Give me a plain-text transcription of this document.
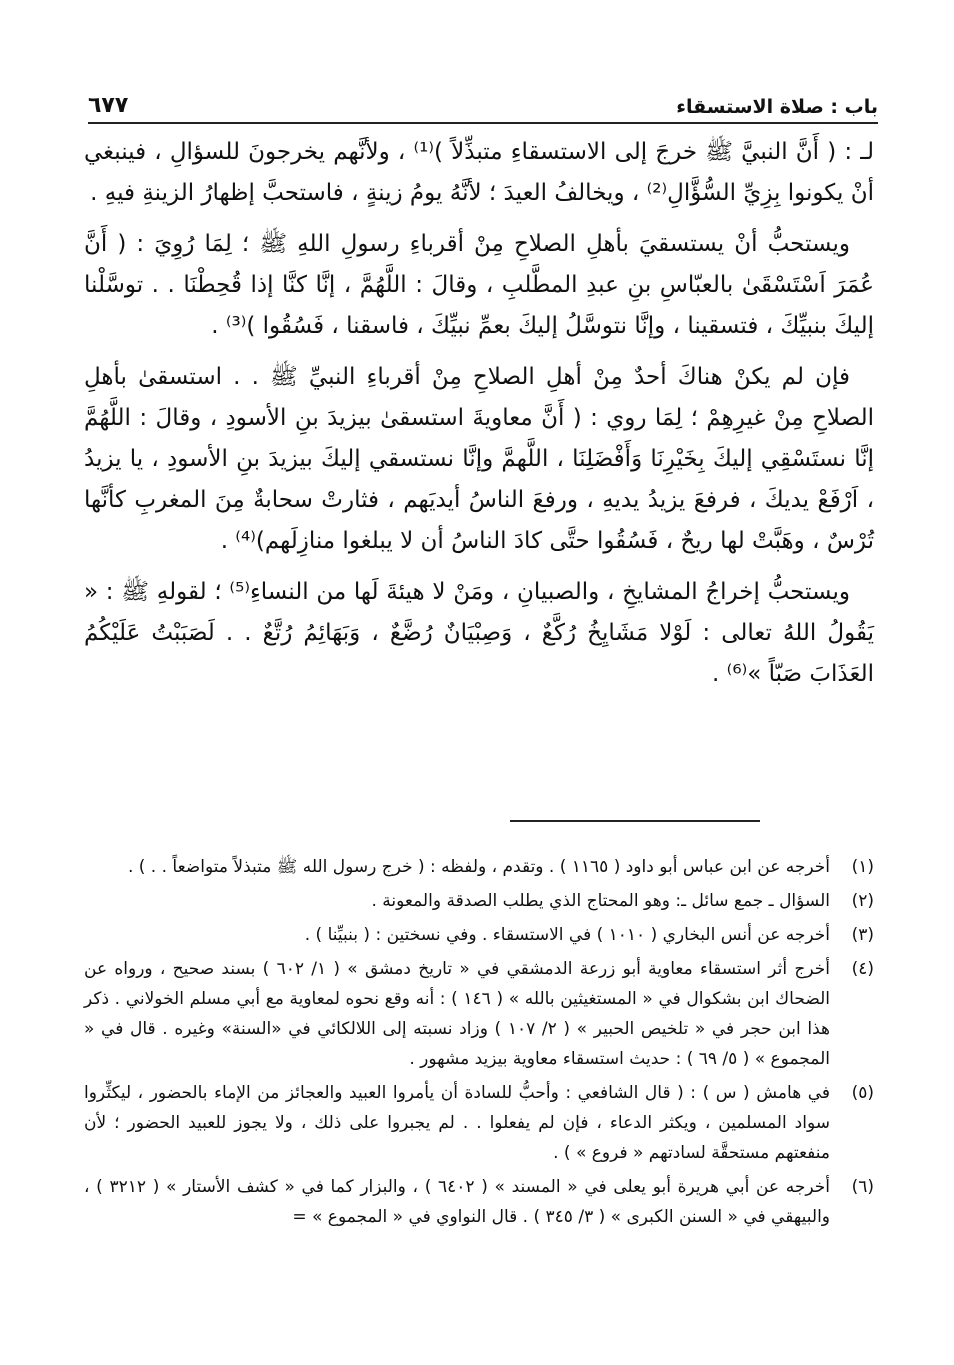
باب : صلاة الاستسقاء
٦٧٧

لـ : ( أَنَّ النبيَّ ﷺ خرجَ إلى الاستسقاءِ متبذِّلاً )⁽¹⁾ ، ولأنَّهم يخرجونَ للسؤالِ ، فينبغي أنْ يكونوا بِزِيِّ السُّؤَّالِ⁽²⁾ ، ويخالفُ العيدَ ؛ لأنَّهُ يومُ زينةٍ ، فاستحبَّ إظهارُ الزينةِ فيهِ .

ويستحبُّ أنْ يستسقيَ بأهلِ الصلاحِ مِنْ أقرباءِ رسولِ اللهِ ﷺ ؛ لِمَا رُوِيَ : ( أَنَّ عُمَرَ اَسْتَسْقَىٰ بالعبّاسِ بنِ عبدِ المطَّلبِ ، وقالَ : اللَّهُمَّ ، إنَّا كنَّا إذا قُحِطْنَا . . توسَّلْنا إليكَ بنبيِّكَ ، فتسقينا ، وإنَّا نتوسَّلُ إليكَ بعمِّ نبيِّكَ ، فاسقنا ، فَسُقُوا )⁽³⁾ .

فإن لم يكنْ هناكَ أحدٌ مِنْ أهلِ الصلاحِ مِنْ أقرباءِ النبيِّ ﷺ . . استسقىٰ بأهلِ الصلاحِ مِنْ غيرِهِمْ ؛ لِمَا روي : ( أَنَّ معاويةَ استسقىٰ بيزيدَ بنِ الأسودِ ، وقالَ : اللَّهُمَّ إنَّا نستَسْقِي إليكَ بِخَيْرِنَا وَأَفْضَلِنَا ، اللَّهمَّ وإنَّا نستسقي إليكَ بيزيدَ بنِ الأسودِ ، يا يزيدُ ، اَرْفَعْ يديكَ ، فرفعَ يزيدُ يديهِ ، ورفعَ الناسُ أيديَهم ، فثارتْ سحابةٌ مِنَ المغربِ كأنَّها تُرْسٌ ، وهَبَّتْ لها ريحٌ ، فَسُقُوا حتَّى كادَ الناسُ أن لا يبلغوا منازِلَهم)⁽⁴⁾ .

ويستحبُّ إخراجُ المشايخِ ، والصبيانِ ، ومَنْ لا هيئةَ لَها من النساءِ⁽⁵⁾ ؛ لقولهِ ﷺ : « يَقُولُ اللهُ تعالى : لَوْلا مَشَايِخُ رُكَّعٌ ، وَصِبْيَانٌ رُضَّعٌ ، وَبَهَائِمُ رُتَّعٌ . . لَصَبَبْتُ عَلَيْكُمُ العَذَابَ صَبّاً »⁽⁶⁾ .

(١)
أخرجه عن ابن عباس أبو داود ( ١١٦٥ ) . وتقدم ، ولفظه : ( خرج رسول الله ﷺ متبذلاً متواضعاً . . ) .
(٢)
السؤال ـ جمع سائل ـ: وهو المحتاج الذي يطلب الصدقة والمعونة .
(٣)
أخرجه عن أنس البخاري ( ١٠١٠ ) في الاستسقاء . وفي نسختين : ( بنبيِّنا ) .
(٤)
أخرج أثر استسقاء معاوية أبو زرعة الدمشقي في « تاريخ دمشق » ( ١/ ٦٠٢ ) بسند صحيح ، ورواه عن الضحاك ابن بشكوال في « المستغيثين بالله » ( ١٤٦ ) : أنه وقع نحوه لمعاوية مع أبي مسلم الخولاني . ذكر هذا ابن حجر في « تلخيص الحبير » ( ٢/ ١٠٧ ) وزاد نسبته إلى اللالكائي في «السنة» وغيره . قال في « المجموع » ( ٥/ ٦٩ ) : حديث استسقاء معاوية بيزيد مشهور .
(٥)
في هامش ( س ) : ( قال الشافعي : وأحبُّ للسادة أن يأمروا العبيد والعجائز من الإماء بالحضور ، ليكثِّروا سواد المسلمين ، ويكثر الدعاء ، فإن لم يفعلوا . . لم يجبروا على ذلك ، ولا يجوز للعبيد الحضور ؛ لأن منفعتهم مستحقَّة لسادتهم « فروع » ) .
(٦)
أخرجه عن أبي هريرة أبو يعلى في « المسند » ( ٦٤٠٢ ) ، والبزار كما في « كشف الأستار » ( ٣٢١٢ ) ، والبيهقي في « السنن الكبرى » ( ٣/ ٣٤٥ ) . قال النواوي في « المجموع » =
